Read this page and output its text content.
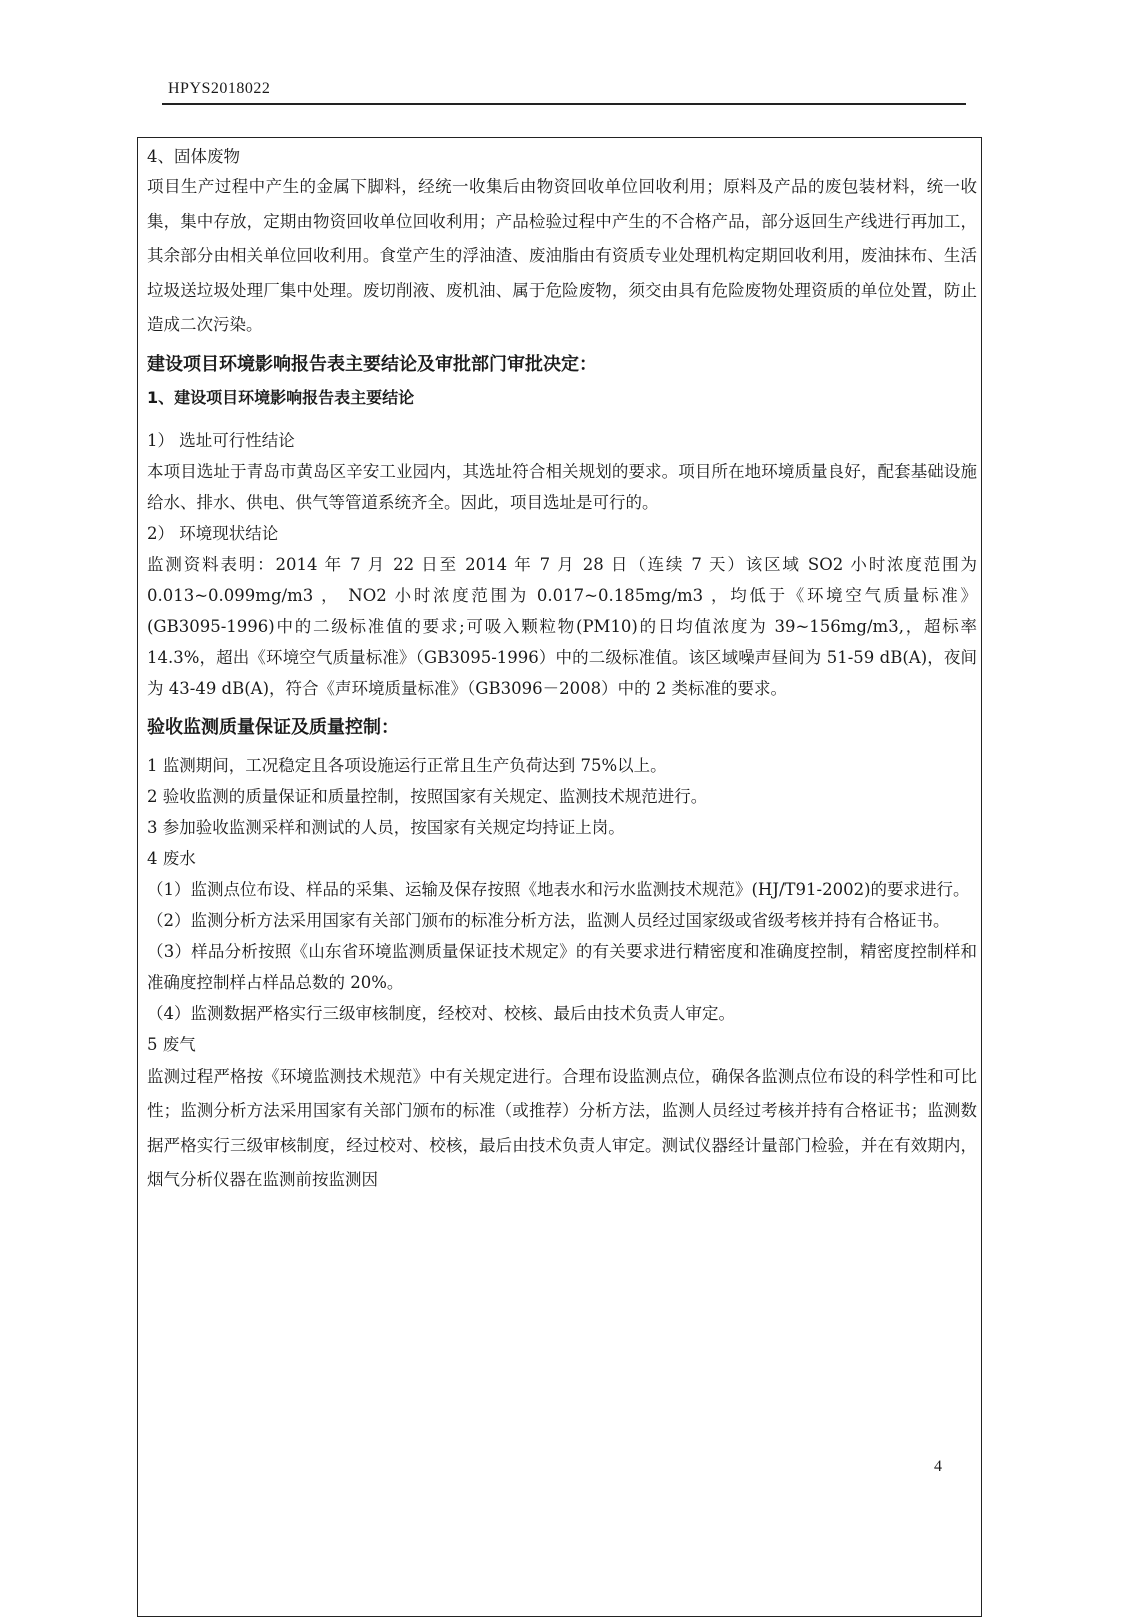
HPYS2018022

4、固体废物

项目生产过程中产生的金属下脚料，经统一收集后由物资回收单位回收利用；原料及产品的废包装材料，统一收集，集中存放，定期由物资回收单位回收利用；产品检验过程中产生的不合格产品，部分返回生产线进行再加工，其余部分由相关单位回收利用。食堂产生的浮油渣、废油脂由有资质专业处理机构定期回收利用，废油抹布、生活垃圾送垃圾处理厂集中处理。废切削液、废机油、属于危险废物，须交由具有危险废物处理资质的单位处置，防止造成二次污染。

建设项目环境影响报告表主要结论及审批部门审批决定：
1、建设项目环境影响报告表主要结论

1） 选址可行性结论

本项目选址于青岛市黄岛区辛安工业园内，其选址符合相关规划的要求。项目所在地环境质量良好，配套基础设施给水、排水、供电、供气等管道系统齐全。因此，项目选址是可行的。

2） 环境现状结论

监测资料表明：2014 年 7 月 22 日至 2014 年 7 月 28 日（连续 7 天）该区域 SO2 小时浓度范围为 0.013~0.099mg/m3 ， NO2 小时浓度范围为 0.017~0.185mg/m3 ，均低于《环境空气质量标准》(GB3095-1996)中的二级标准值的要求;可吸入颗粒物(PM10)的日均值浓度为 39~156mg/m3,，超标率 14.3%，超出《环境空气质量标准》（GB3095-1996）中的二级标准值。该区域噪声昼间为 51-59 dB(A)，夜间为 43-49 dB(A)，符合《声环境质量标准》（GB3096－2008）中的 2 类标准的要求。

验收监测质量保证及质量控制：

1 监测期间，工况稳定且各项设施运行正常且生产负荷达到 75%以上。

2 验收监测的质量保证和质量控制，按照国家有关规定、监测技术规范进行。

3 参加验收监测采样和测试的人员，按国家有关规定均持证上岗。

4 废水

（1）监测点位布设、样品的采集、运输及保存按照《地表水和污水监测技术规范》(HJ/T91-2002)的要求进行。

（2）监测分析方法采用国家有关部门颁布的标准分析方法，监测人员经过国家级或省级考核并持有合格证书。

（3）样品分析按照《山东省环境监测质量保证技术规定》的有关要求进行精密度和准确度控制，精密度控制样和准确度控制样占样品总数的 20%。

（4）监测数据严格实行三级审核制度，经校对、校核、最后由技术负责人审定。

5 废气

监测过程严格按《环境监测技术规范》中有关规定进行。合理布设监测点位，确保各监测点位布设的科学性和可比性；监测分析方法采用国家有关部门颁布的标准（或推荐）分析方法，监测人员经过考核并持有合格证书；监测数据严格实行三级审核制度，经过校对、校核，最后由技术负责人审定。测试仪器经计量部门检验，并在有效期内，烟气分析仪器在监测前按监测因

4
